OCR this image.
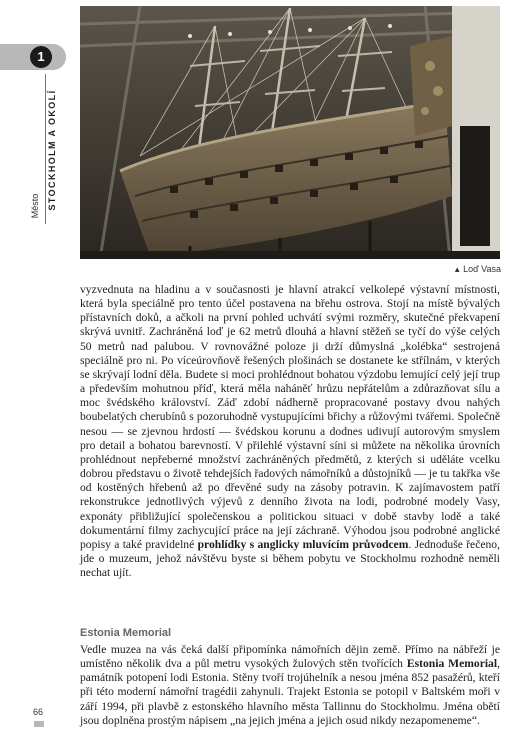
▲ Loď Vasa
1
STOCKHOLM A OKOLÍ
Město

vyzvednuta na hladinu a v současnosti je hlavní atrakcí velkolepé výstavní místnosti, která byla speciálně pro tento účel postavena na břehu ostrova. Stojí na místě bývalých přístavních doků, a ačkoli na první pohled uchvátí svými rozměry, skutečné překvapení skrývá uvnitř. Zachráněná loď je 62 metrů dlouhá a hlavní stěžeň se tyčí do výše celých 50 metrů nad palubou. V rovnovážné poloze ji drží důmyslná „kolébka“ sestrojená speciálně pro ni. Po víceúrovňově řešených plošinách se dostanete ke střílnám, v kterých se skrývají lodní děla. Budete si moci prohlédnout bohatou výzdobu lemující celý její trup a především mohutnou příď, která měla naháněť hrůzu nepřátelům a zdůrazňovat sílu a moc švédského království. Záď zdobí nádherně propracované postavy dvou nahých boubelatých cherubínů s pozoruhodně vystupujícími břichy a růžovými tvářemi. Společně nesou — se zjevnou hrdostí — švédskou korunu a dodnes udivují autorovým smyslem pro detail a bohatou barevností. V přilehlé výstavní síni si můžete na několika úrovních prohlédnout nepřeberné množství zachráněných předmětů, z kterých si uděláte vcelku dobrou představu o životě tehdejších řadových námořníků a důstojníků — je tu takřka vše od kostěných hřebenů až po dřevěné sudy na zásoby potravin. K zajímavostem patří rekonstrukce jednotlivých výjevů z denního života na lodi, podrobné modely Vasy, exponáty přibližující společenskou a politickou situaci v době stavby lodě a také dokumentární filmy zachycující práce na její záchraně. Výhodou jsou podrobné anglické popisy a také pravidelné prohlídky s anglicky mluvícím průvodcem. Jednoduše řečeno, jde o muzeum, jehož návštěvu byste si během pobytu ve Stockholmu rozhodně neměli nechat ujít.

Estonia Memorial

Vedle muzea na vás čeká další připomínka námořních dějin země. Přímo na nábřeží je umístěno několik dva a půl metru vysokých žulových stěn tvořících Estonia Memorial, památník potopení lodi Estonia. Stěny tvoří trojúhelník a nesou jména 852 pasažérů, kteří při této moderní námořní tragédii zahynuli. Trajekt Estonia se potopil v Baltském moři v září 1994, při plavbě z estonského hlavního města Tallinnu do Stockholmu. Jména obětí jsou doplněna prostým nápisem „na jejich jména a jejich osud nikdy nezapomeneme“.

66
